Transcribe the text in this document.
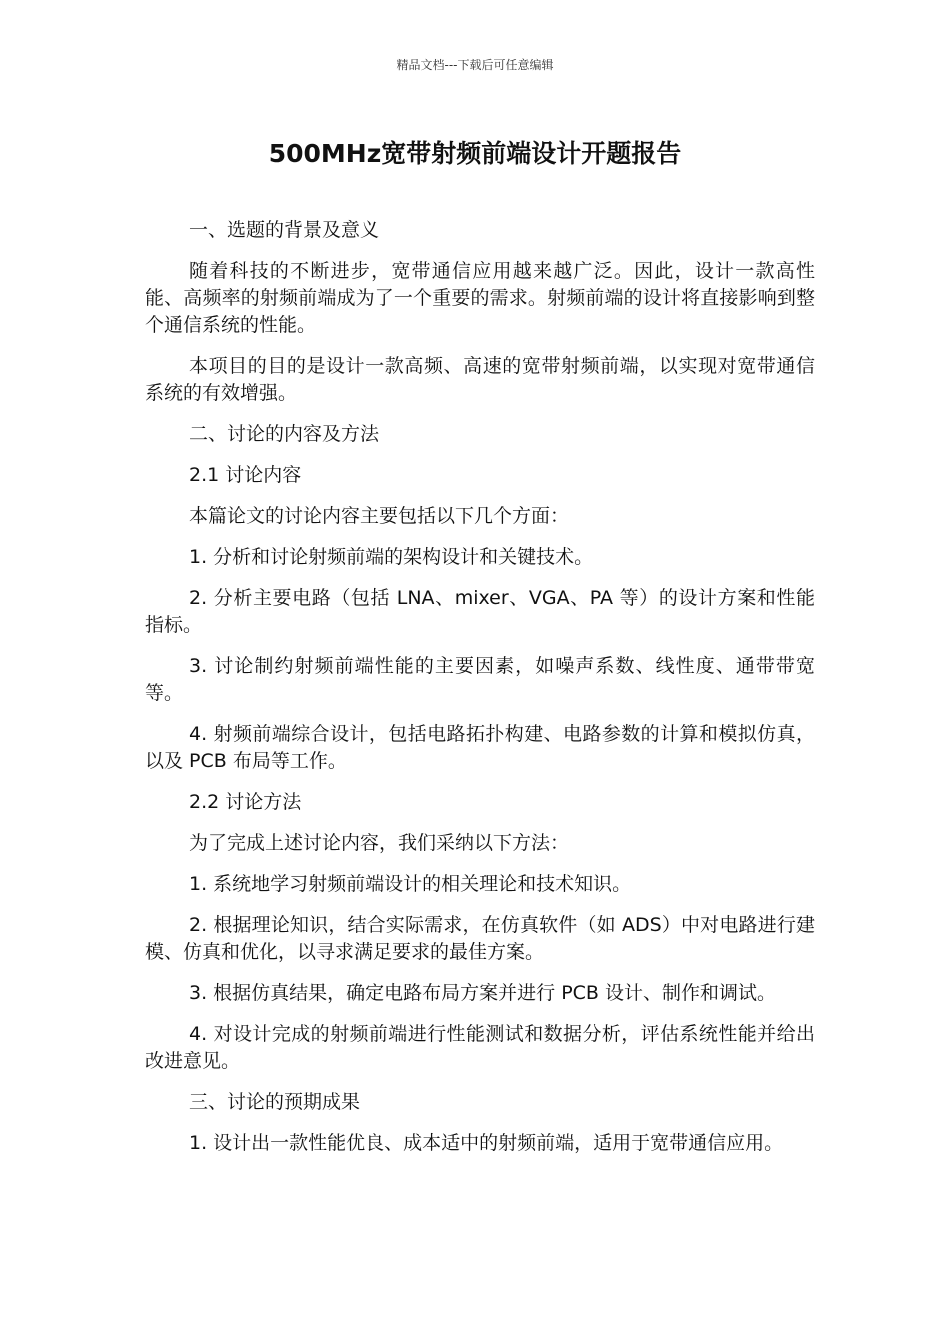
精品文档---下载后可任意编辑
500MHz宽带射频前端设计开题报告

一、选题的背景及意义

随着科技的不断进步，宽带通信应用越来越广泛。因此，设计一款高性能、高频率的射频前端成为了一个重要的需求。射频前端的设计将直接影响到整个通信系统的性能。

本项目的目的是设计一款高频、高速的宽带射频前端，以实现对宽带通信系统的有效增强。

二、讨论的内容及方法

2.1 讨论内容

本篇论文的讨论内容主要包括以下几个方面：

1. 分析和讨论射频前端的架构设计和关键技术。

2. 分析主要电路（包括 LNA、mixer、VGA、PA 等）的设计方案和性能指标。

3. 讨论制约射频前端性能的主要因素，如噪声系数、线性度、通带带宽等。

4. 射频前端综合设计，包括电路拓扑构建、电路参数的计算和模拟仿真，以及 PCB 布局等工作。

2.2 讨论方法

为了完成上述讨论内容，我们采纳以下方法：

1. 系统地学习射频前端设计的相关理论和技术知识。

2. 根据理论知识，结合实际需求，在仿真软件（如 ADS）中对电路进行建模、仿真和优化，以寻求满足要求的最佳方案。

3. 根据仿真结果，确定电路布局方案并进行 PCB 设计、制作和调试。

4. 对设计完成的射频前端进行性能测试和数据分析，评估系统性能并给出改进意见。

三、讨论的预期成果

1. 设计出一款性能优良、成本适中的射频前端，适用于宽带通信应用。
